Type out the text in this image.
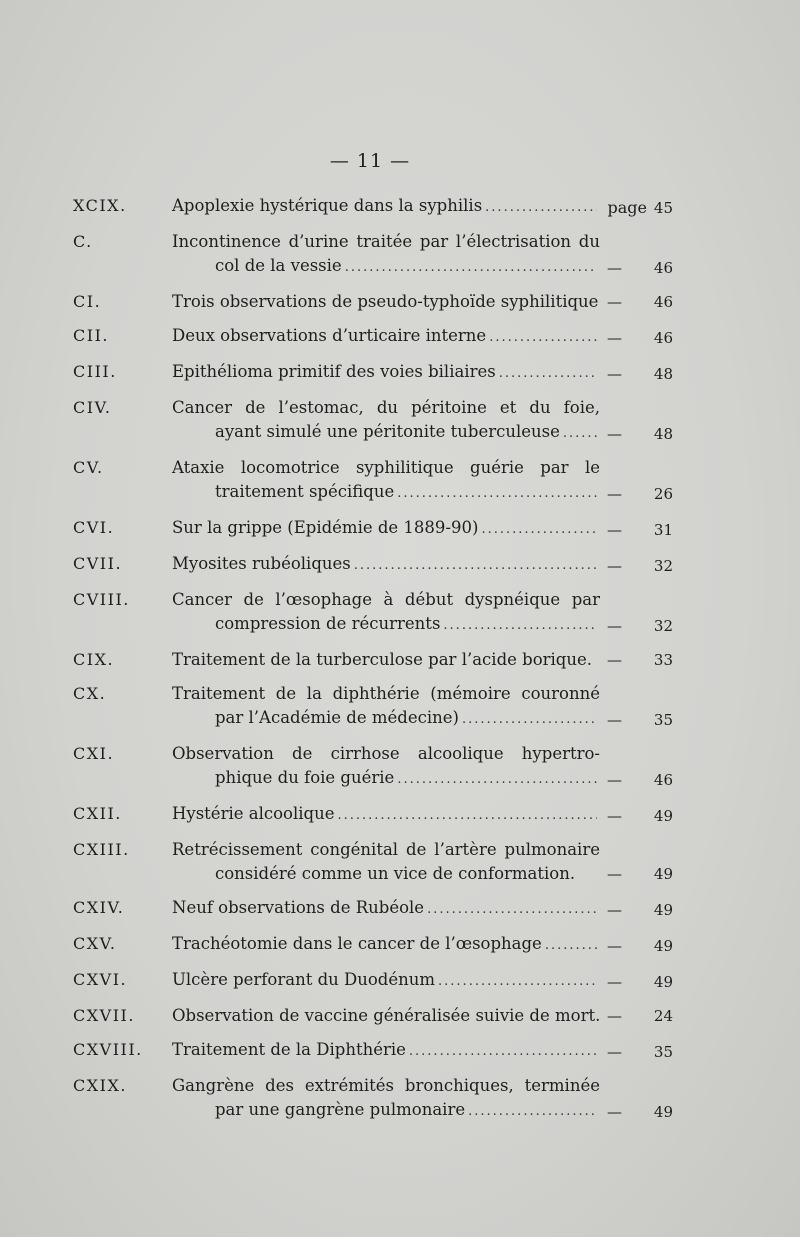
— 11 —
XCIX.	Apoplexie hystérique dans la syphilis .....	page 45
C.	Incontinence d’urine traitée par l’électrisation du
col de la vessie .....	— 46
CI.	Trois observations de pseudo-typhoïde syphilitique — 46
CII.	Deux observations d’urticaire interne .....	— 46
CIII.	Epithélioma primitif des voies biliaires .....	— 48
CIV.	Cancer de l’estomac, du péritoine et du foie,
ayant simulé une péritonite tuberculeuse .....	— 48
CV.	Ataxie locomotrice syphilitique guérie par le
traitement spécifique .....	— 26
CVI.	Sur la grippe (Epidémie de 1889-90) .....	— 31
CVII.	Myosites rubéoliques .....	— 32
CVIII.	Cancer de l’œsophage à début dyspnéique par
compression de récurrents .....	— 32
CIX.	Traitement de la turberculose par l’acide borique. — 33
CX.	Traitement de la diphthérie (mémoire couronné
par l’Académie de médecine) .....	— 35
CXI.	Observation de cirrhose alcoolique hypertro-
phique du foie guérie .....	— 46
CXII.	Hystérie alcoolique .....	— 49
CXIII.	Retrécissement congénital de l’artère pulmonaire
considéré comme un vice de conformation.	— 49
CXIV.	Neuf observations de Rubéole .....	— 49
CXV.	Trachéotomie dans le cancer de l’œsophage .....	— 49
CXVI.	Ulcère perforant du Duodénum .....	— 49
CXVII.	Observation de vaccine généralisée suivie de mort. — 24
CXVIII.	Traitement de la Diphthérie .....	— 35
CXIX.	Gangrène des extrémités bronchiques, terminée
par une gangrène pulmonaire .....	— 49
